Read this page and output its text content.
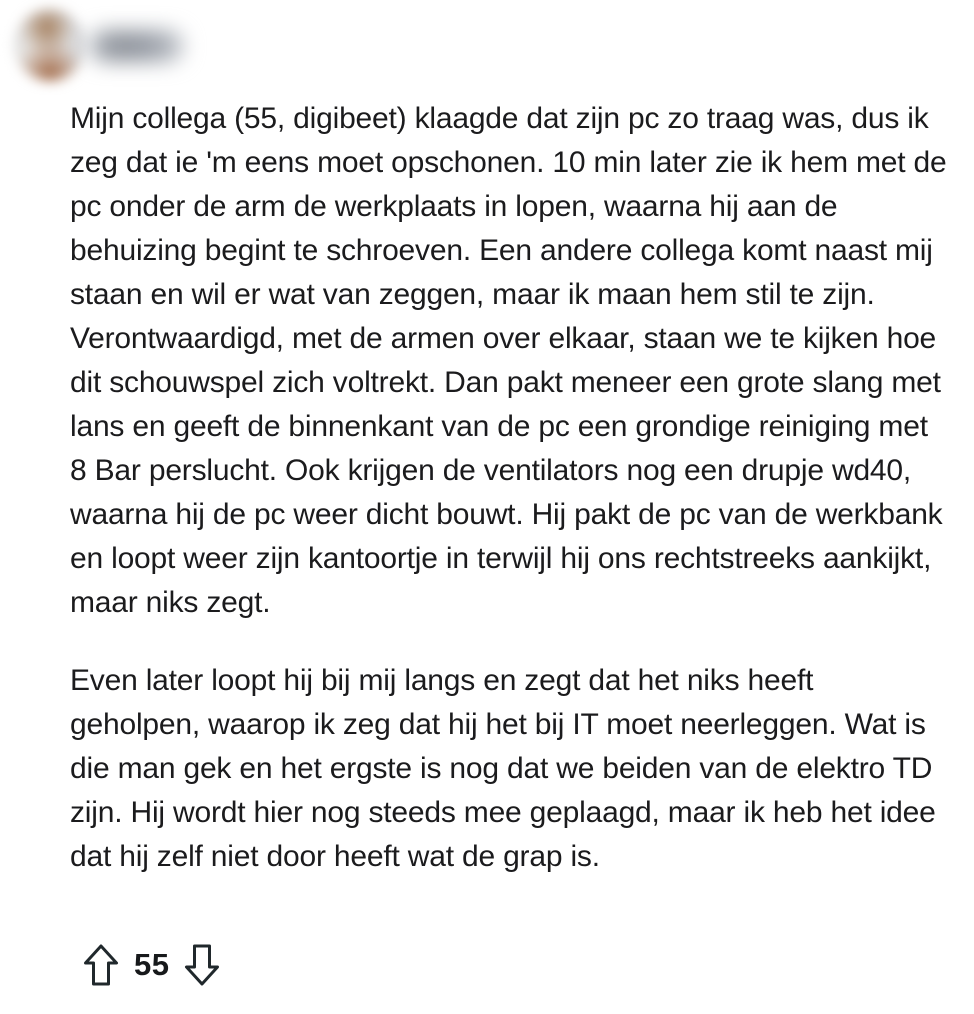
Mijn collega (55, digibeet) klaagde dat zijn pc zo traag was, dus ik zeg dat ie 'm eens moet opschonen. 10 min later zie ik hem met de pc onder de arm de werkplaats in lopen, waarna hij aan de behuizing begint te schroeven. Een andere collega komt naast mij staan en wil er wat van zeggen, maar ik maan hem stil te zijn. Verontwaardigd, met de armen over elkaar, staan we te kijken hoe dit schouwspel zich voltrekt. Dan pakt meneer een grote slang met lans en geeft de binnenkant van de pc een grondige reiniging met 8 Bar perslucht. Ook krijgen de ventilators nog een drupje wd40, waarna hij de pc weer dicht bouwt. Hij pakt de pc van de werkbank en loopt weer zijn kantoortje in terwijl hij ons rechtstreeks aankijkt, maar niks zegt.

Even later loopt hij bij mij langs en zegt dat het niks heeft geholpen, waarop ik zeg dat hij het bij IT moet neerleggen. Wat is die man gek en het ergste is nog dat we beiden van de elektro TD zijn. Hij wordt hier nog steeds mee geplaagd, maar ik heb het idee dat hij zelf niet door heeft wat de grap is.

55
